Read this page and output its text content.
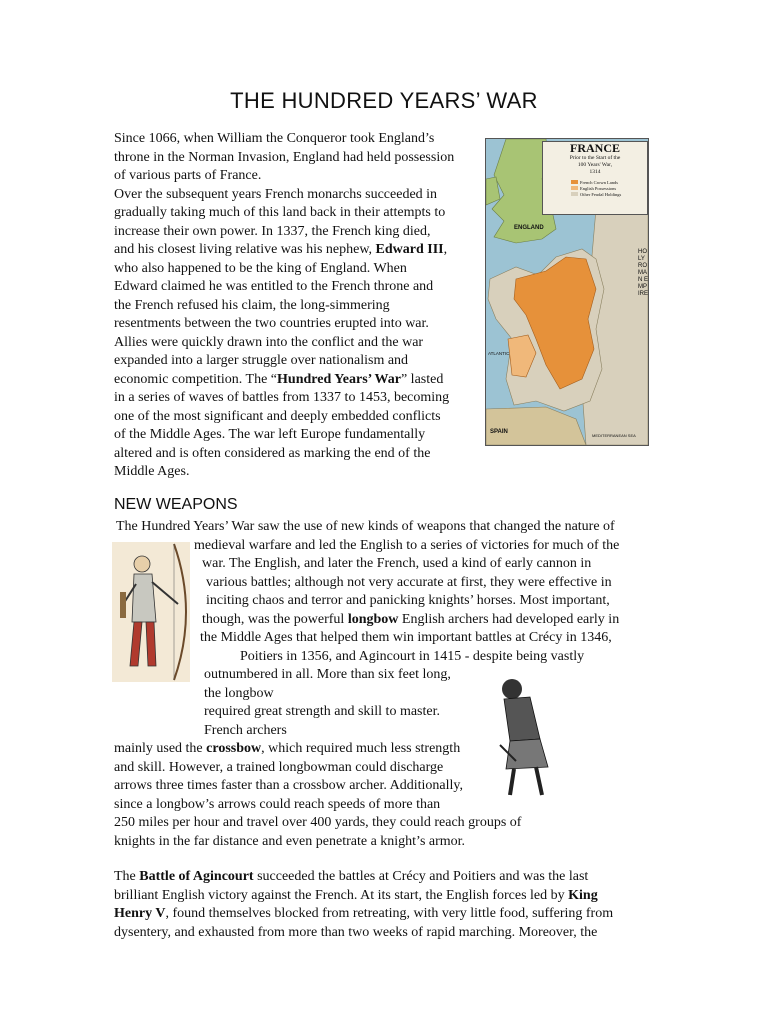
THE HUNDRED YEARS’ WAR
Since 1066, when William the Conqueror took England’s
throne in the Norman Invasion, England had held possession
of various parts of France.
Over the subsequent years French monarchs succeeded in
gradually taking much of this land back in their attempts to
increase their own power. In 1337, the French king died,
and his closest living relative was his nephew, Edward III,
who also happened to be the king of England. When
Edward claimed he was entitled to the French throne and
the French refused his claim, the long-simmering
resentments between the two countries erupted into war.
Allies were quickly drawn into the conflict and the war
expanded into a larger struggle over nationalism and
economic competition. The “Hundred Years’ War” lasted
in a series of waves of battles from 1337 to 1453, becoming
one of the most significant and deeply embedded conflicts
of the Middle Ages. The war left Europe fundamentally
altered and is often considered as marking the end of the
Middle Ages.
FRANCE
Prior to the Start of the
100 Years' War,
1314
French Crown Lands
English Possessions
Other Feudal Holdings
ENGLAND
HOLY ROMAN EMPIRE
ATLANTIC
SPAIN
MEDITERRANEAN SEA
NEW WEAPONS
The Hundred Years’ War saw the use of new kinds of weapons that changed the nature of
medieval warfare and led the English to a series of victories for much of the
war. The English, and later the French, used a kind of early cannon in
various battles; although not very accurate at first, they were effective in
inciting chaos and terror and panicking knights’ horses. Most important,
though, was the powerful longbow English archers had developed early in
the Middle Ages that helped them win important battles at Crécy in 1346,
Poitiers in 1356, and Agincourt in 1415 - despite being vastly
outnumbered in all. More than six feet long,
the longbow
required great strength and skill to master.
French archers
mainly used the crossbow, which required much less strength
and skill. However, a trained longbowman could discharge
arrows three times faster than a crossbow archer. Additionally,
since a longbow’s arrows could reach speeds of more than
250 miles per hour and travel over 400 yards, they could reach groups of
knights in the far distance and even penetrate a knight’s armor.
The Battle of Agincourt succeeded the battles at Crécy and Poitiers and was the last
brilliant English victory against the French. At its start, the English forces led by King
Henry V, found themselves blocked from retreating, with very little food, suffering from
dysentery, and exhausted from more than two weeks of rapid marching. Moreover, the
